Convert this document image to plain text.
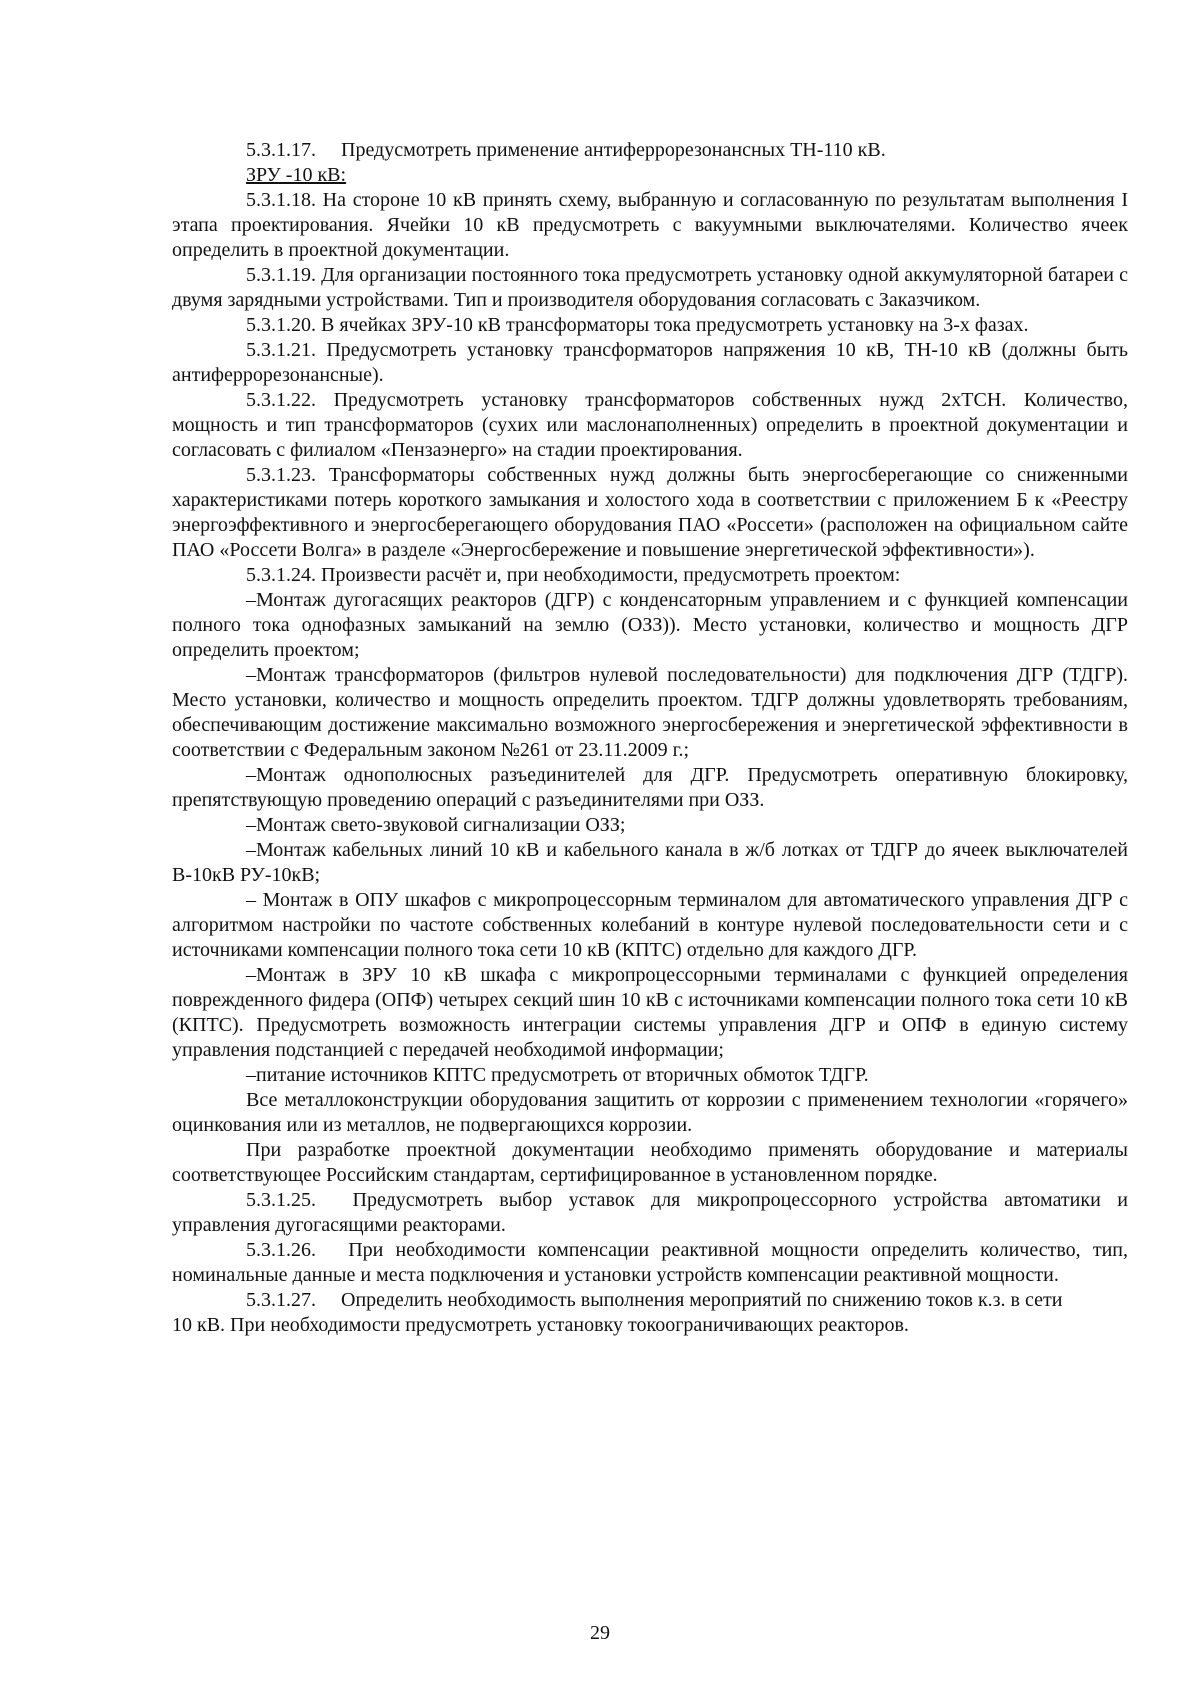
5.3.1.17.  Предусмотреть применение антиферрорезонансных ТН-110 кВ.

ЗРУ -10 кВ:

5.3.1.18. На стороне 10 кВ принять схему, выбранную и согласованную по результатам выполнения I этапа проектирования. Ячейки 10 кВ предусмотреть с вакуумными выключателями. Количество ячеек определить в проектной документации.

5.3.1.19. Для организации постоянного тока предусмотреть установку одной аккумуляторной батареи с двумя зарядными устройствами. Тип и производителя оборудования согласовать с Заказчиком.

5.3.1.20. В ячейках ЗРУ-10 кВ трансформаторы тока предусмотреть установку на 3-х фазах.

5.3.1.21. Предусмотреть установку трансформаторов напряжения 10 кВ, ТН-10 кВ (должны быть антиферрорезонансные).

5.3.1.22. Предусмотреть установку трансформаторов собственных нужд 2хТСН. Количество, мощность и тип трансформаторов (сухих или маслонаполненных) определить в проектной документации и согласовать с филиалом «Пензаэнерго» на стадии проектирования.

5.3.1.23. Трансформаторы собственных нужд должны быть энергосберегающие со сниженными характеристиками потерь короткого замыкания и холостого хода в соответствии с приложением Б к «Реестру энергоэффективного и энергосберегающего оборудования ПАО «Россети» (расположен на официальном сайте ПАО «Россети Волга» в разделе «Энергосбережение и повышение энергетической эффективности»).

5.3.1.24. Произвести расчёт и, при необходимости, предусмотреть проектом:

–Монтаж дугогасящих реакторов (ДГР) с конденсаторным управлением и с функцией компенсации полного тока однофазных замыканий на землю (ОЗЗ)). Место установки, количество и мощность ДГР определить проектом;

–Монтаж трансформаторов (фильтров нулевой последовательности) для подключения ДГР (ТДГР). Место установки, количество и мощность определить проектом. ТДГР должны удовлетворять требованиям, обеспечивающим достижение максимально возможного энергосбережения и энергетической эффективности в соответствии с Федеральным законом №261 от 23.11.2009 г.;

–Монтаж однополюсных разъединителей для ДГР. Предусмотреть оперативную блокировку, препятствующую проведению операций с разъединителями при ОЗЗ.

–Монтаж свето-звуковой сигнализации ОЗЗ;

–Монтаж кабельных линий 10 кВ и кабельного канала в ж/б лотках от ТДГР до ячеек выключателей В-10кВ РУ-10кВ;

– Монтаж в ОПУ шкафов с микропроцессорным терминалом для автоматического управления ДГР с алгоритмом настройки по частоте собственных колебаний в контуре нулевой последовательности сети и с источниками компенсации полного тока сети 10 кВ (КПТС) отдельно для каждого ДГР.

–Монтаж в ЗРУ 10 кВ шкафа с микропроцессорными терминалами с функцией определения поврежденного фидера (ОПФ) четырех секций шин 10 кВ с источниками компенсации полного тока сети 10 кВ (КПТС). Предусмотреть возможность интеграции системы управления ДГР и ОПФ в единую систему управления подстанцией с передачей необходимой информации;

–питание источников КПТС предусмотреть от вторичных обмоток ТДГР.

Все металлоконструкции оборудования защитить от коррозии с применением технологии «горячего» оцинкования или из металлов, не подвергающихся коррозии.

При разработке проектной документации необходимо применять оборудование и материалы соответствующее Российским стандартам, сертифицированное в установленном порядке.

5.3.1.25.  Предусмотреть выбор уставок для микропроцессорного устройства автоматики и управления дугогасящими реакторами.

5.3.1.26.  При необходимости компенсации реактивной мощности определить количество, тип, номинальные данные и места подключения и установки устройств компенсации реактивной мощности.

5.3.1.27.  Определить необходимость выполнения мероприятий по снижению токов к.з. в сети

10 кВ. При необходимости предусмотреть установку токоограничивающих реакторов.

29
